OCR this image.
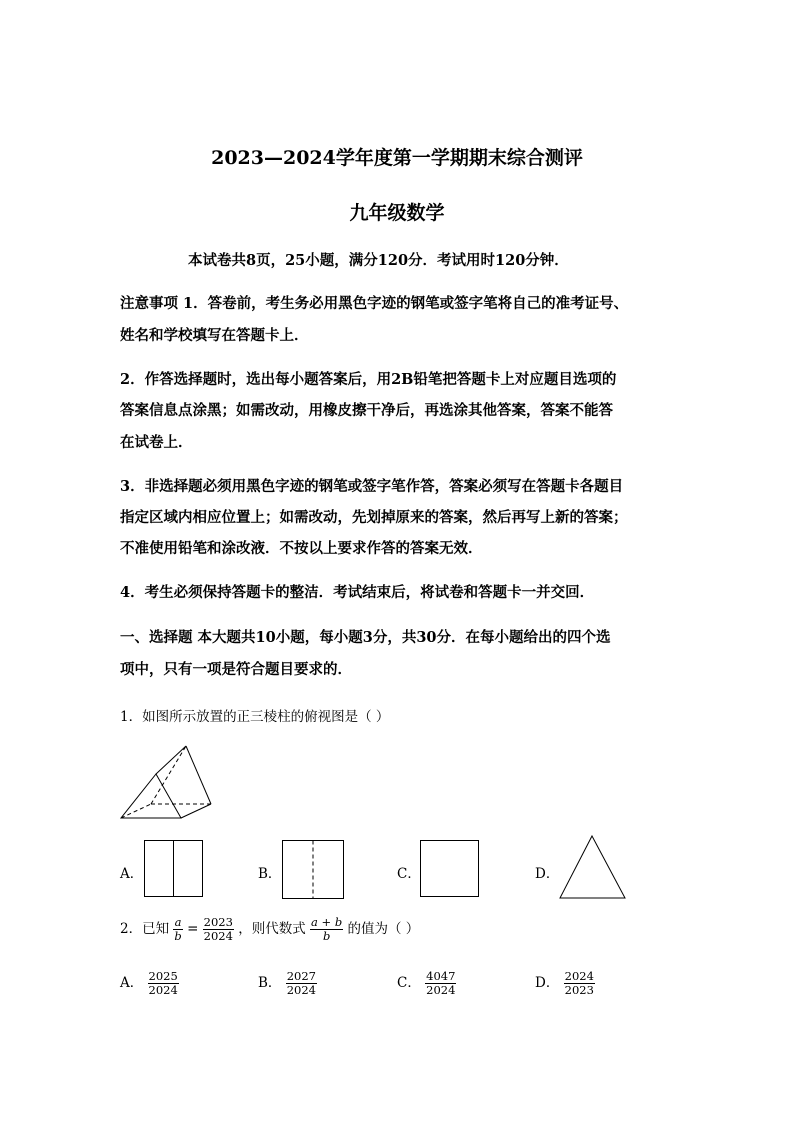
2023—2024学年度第一学期期末综合测评
九年级数学
本试卷共8页，25小题，满分120分．考试用时120分钟．
注意事项 1．答卷前，考生务必用黑色字迹的钢笔或签字笔将自己的准考证号、
姓名和学校填写在答题卡上．
2．作答选择题时，选出每小题答案后，用2B铅笔把答题卡上对应题目选项的
答案信息点涂黑；如需改动，用橡皮擦干净后，再选涂其他答案，答案不能答
在试卷上．
3．非选择题必须用黑色字迹的钢笔或签字笔作答，答案必须写在答题卡各题目
指定区域内相应位置上；如需改动，先划掉原来的答案，然后再写上新的答案；
不准使用铅笔和涂改液．不按以上要求作答的答案无效．
4．考生必须保持答题卡的整洁．考试结束后，将试卷和答题卡一并交回．
一、选择题 本大题共10小题，每小题3分，共30分．在每小题给出的四个选
项中，只有一项是符合题目要求的．
1．如图所示放置的正三棱柱的俯视图是（ ）
A．	B．	C．	D．
2．已知 $\frac{a}{b} = \frac{2023}{2024}$ ，则代数式 $\frac{a + b}{b}$ 的值为（ ）
A． $\frac{2025}{2024}$	B． $\frac{2027}{2024}$	C． $\frac{4047}{2024}$	D． $\frac{2024}{2023}$
